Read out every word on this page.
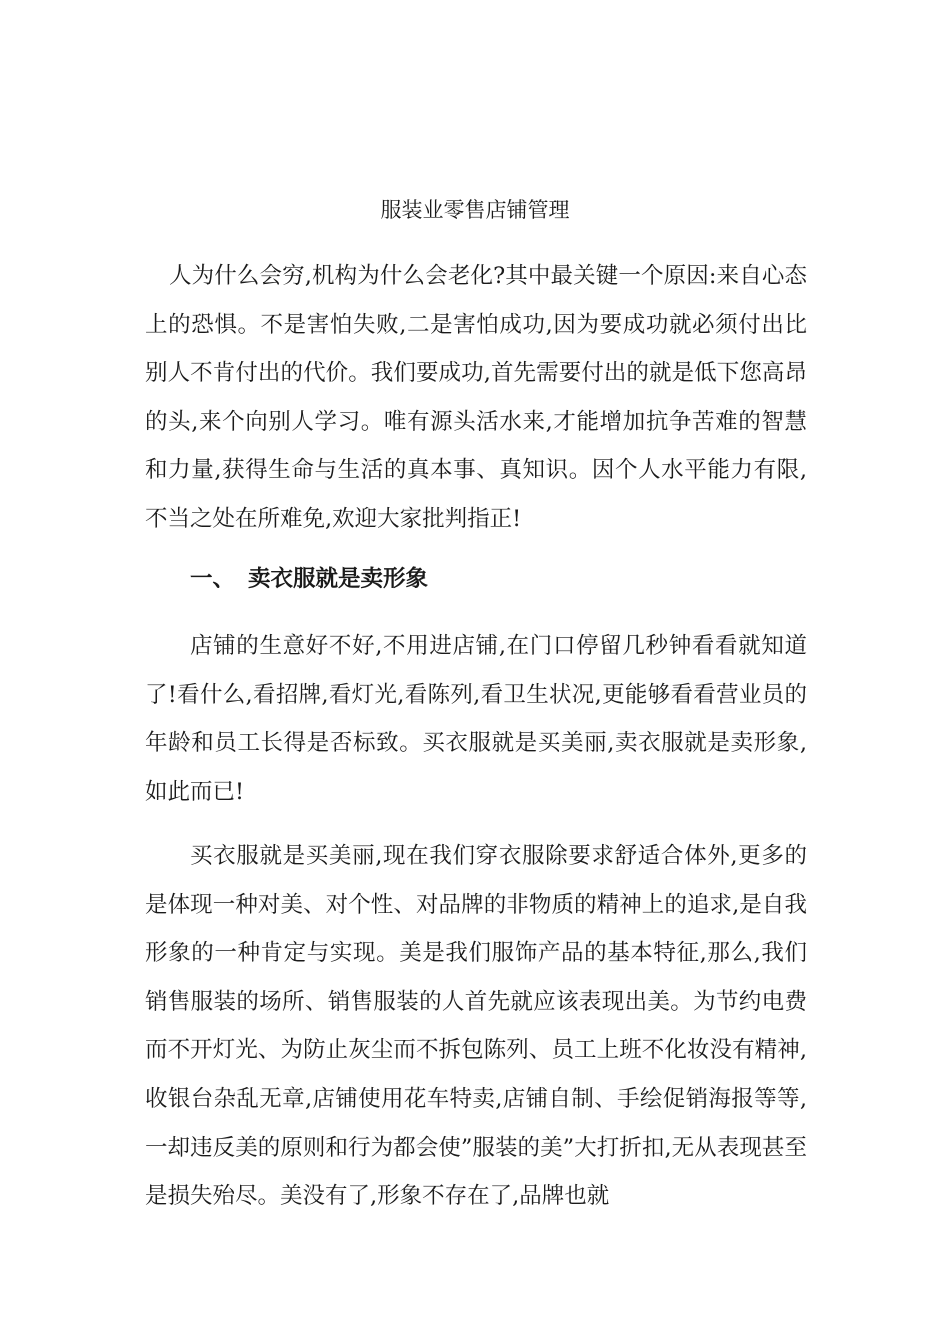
服装业零售店铺管理

人为什么会穷,机构为什么会老化?其中最关键一个原因:来自心态上的恐惧。不是害怕失败,二是害怕成功,因为要成功就必须付出比别人不肯付出的代价。我们要成功,首先需要付出的就是低下您高昂的头,来个向别人学习。唯有源头活水来,才能增加抗争苦难的智慧和力量,获得生命与生活的真本事、真知识。因个人水平能力有限,不当之处在所难免,欢迎大家批判指正!

一、 卖衣服就是卖形象

店铺的生意好不好,不用进店铺,在门口停留几秒钟看看就知道了!看什么,看招牌,看灯光,看陈列,看卫生状况,更能够看看营业员的年龄和员工长得是否标致。买衣服就是买美丽,卖衣服就是卖形象,如此而已!

买衣服就是买美丽,现在我们穿衣服除要求舒适合体外,更多的是体现一种对美、对个性、对品牌的非物质的精神上的追求,是自我形象的一种肯定与实现。美是我们服饰产品的基本特征,那么,我们销售服装的场所、销售服装的人首先就应该表现出美。为节约电费而不开灯光、为防止灰尘而不拆包陈列、员工上班不化妆没有精神,收银台杂乱无章,店铺使用花车特卖,店铺自制、手绘促销海报等等,一却违反美的原则和行为都会使”服装的美”大打折扣,无从表现甚至是损失殆尽。美没有了,形象不存在了,品牌也就
